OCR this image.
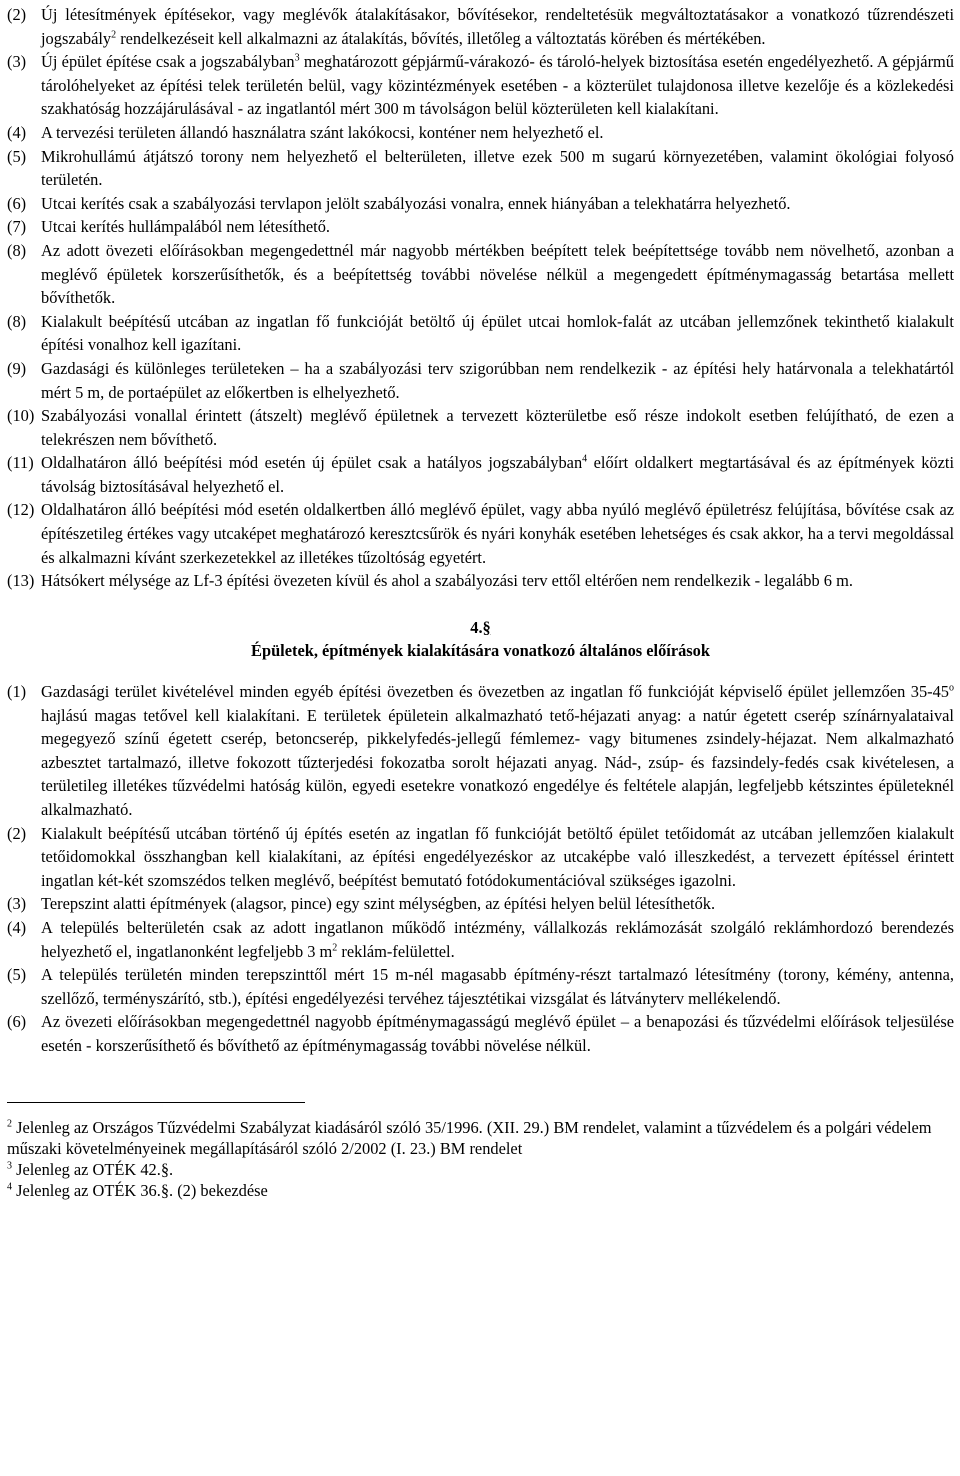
(2) Új létesítmények építésekor, vagy meglévők átalakításakor, bővítésekor, rendeltetésük megváltoztatásakor a vonatkozó tűzrendészeti jogszabály$^2$ rendelkezéseit kell alkalmazni az átalakítás, bővítés, illetőleg a változtatás körében és mértékében.
(3) Új épület építése csak a jogszabályban$^3$ meghatározott gépjármű-várakozó- és tároló-helyek biztosítása esetén engedélyezhető. A gépjármű tárolóhelyeket az építési telek területén belül, vagy közintézmények esetében - a közterület tulajdonosa illetve kezelője és a közlekedési szakhatóság hozzájárulásával - az ingatlantól mért 300 m távolságon belül közterületen kell kialakítani.
(4) A tervezési területen állandó használatra szánt lakókocsi, konténer nem helyezhető el.
(5) Mikrohullámú átjátszó torony nem helyezhető el belterületen, illetve ezek 500 m sugarú környezetében, valamint ökológiai folyosó területén.
(6) Utcai kerítés csak a szabályozási tervlapon jelölt szabályozási vonalra, ennek hiányában a telekhatárra helyezhető.
(7) Utcai kerítés hullámpalából nem létesíthető.
(8) Az adott övezeti előírásokban megengedettnél már nagyobb mértékben beépített telek beépítettsége tovább nem növelhető, azonban a meglévő épületek korszerűsíthetők, és a beépítettség további növelése nélkül a megengedett építménymagasság betartása mellett bővíthetők.
(8) Kialakult beépítésű utcában az ingatlan fő funkcióját betöltő új épület utcai homlok-falát az utcában jellemzőnek tekinthető kialakult építési vonalhoz kell igazítani.
(9) Gazdasági és különleges területeken – ha a szabályozási terv szigorúbban nem rendelkezik - az építési hely határvonala a telekhatártól mért 5 m, de portaépület az előkertben is elhelyezhető.
(10) Szabályozási vonallal érintett (átszelt) meglévő épületnek a tervezett közterületbe eső része indokolt esetben felújítható, de ezen a telekrészen nem bővíthető.
(11) Oldalhatáron álló beépítési mód esetén új épület csak a hatályos jogszabályban$^4$ előírt oldalkert megtartásával és az építmények közti távolság biztosításával helyezhető el.
(12) Oldalhatáron álló beépítési mód esetén oldalkertben álló meglévő épület, vagy abba nyúló meglévő épületrész felújítása, bővítése csak az építészetileg értékes vagy utcaképet meghatározó keresztcsűrök és nyári konyhák esetében lehetséges és csak akkor, ha a tervi megoldással és alkalmazni kívánt szerkezetekkel az illetékes tűzoltóság egyetért.
(13) Hátsókert mélysége az Lf-3 építési övezeten kívül és ahol a szabályozási terv ettől eltérően nem rendelkezik - legalább 6 m.
4.§
Épületek, építmények kialakítására vonatkozó általános előírások
(1) Gazdasági terület kivételével minden egyéb építési övezetben és övezetben az ingatlan fő funkcióját képviselő épület jellemzően 35-45$^o$ hajlású magas tetővel kell kialakítani. E területek épületein alkalmazható tető-héjazati anyag: a natúr égetett cserép színárnyalataival megegyező színű égetett cserép, betoncserép, pikkelyfedés-jellegű fémlemez- vagy bitumenes zsindely-héjazat. Nem alkalmazható azbesztet tartalmazó, illetve fokozott tűzterjedési fokozatba sorolt héjazati anyag. Nád-, zsúp- és fazsindely-fedés csak kivételesen, a területileg illetékes tűzvédelmi hatóság külön, egyedi esetekre vonatkozó engedélye és feltétele alapján, legfeljebb kétszintes épületeknél alkalmazható.
(2) Kialakult beépítésű utcában történő új építés esetén az ingatlan fő funkcióját betöltő épület tetőidomát az utcában jellemzően kialakult tetőidomokkal összhangban kell kialakítani, az építési engedélyezéskor az utcaképbe való illeszkedést, a tervezett építéssel érintett ingatlan két-két szomszédos telken meglévő, beépítést bemutató fotódokumentációval szükséges igazolni.
(3) Terepszint alatti építmények (alagsor, pince) egy szint mélységben, az építési helyen belül létesíthetők.
(4) A település belterületén csak az adott ingatlanon működő intézmény, vállalkozás reklámozását szolgáló reklámhordozó berendezés helyezhető el, ingatlanonként legfeljebb 3 $m^2$ reklám-felülettel.
(5) A település területén minden terepszinttől mért 15 m-nél magasabb építmény-részt tartalmazó létesítmény (torony, kémény, antenna, szellőző, terményszárító, stb.), építési engedélyezési tervéhez tájesztétikai vizsgálat és látványterv mellékelendő.
(6) Az övezeti előírásokban megengedettnél nagyobb építménymagasságú meglévő épület – a benapozási és tűzvédelmi előírások teljesülése esetén - korszerűsíthető és bővíthető az építménymagasság további növelése nélkül.
$^2$ Jelenleg az Országos Tűzvédelmi Szabályzat kiadásáról szóló 35/1996. (XII. 29.) BM rendelet, valamint a tűzvédelem és a polgári védelem műszaki követelményeinek megállapításáról szóló 2/2002 (I. 23.) BM rendelet
$^3$ Jelenleg az OTÉK 42.§.
$^4$ Jelenleg az OTÉK 36.§. (2) bekezdése
